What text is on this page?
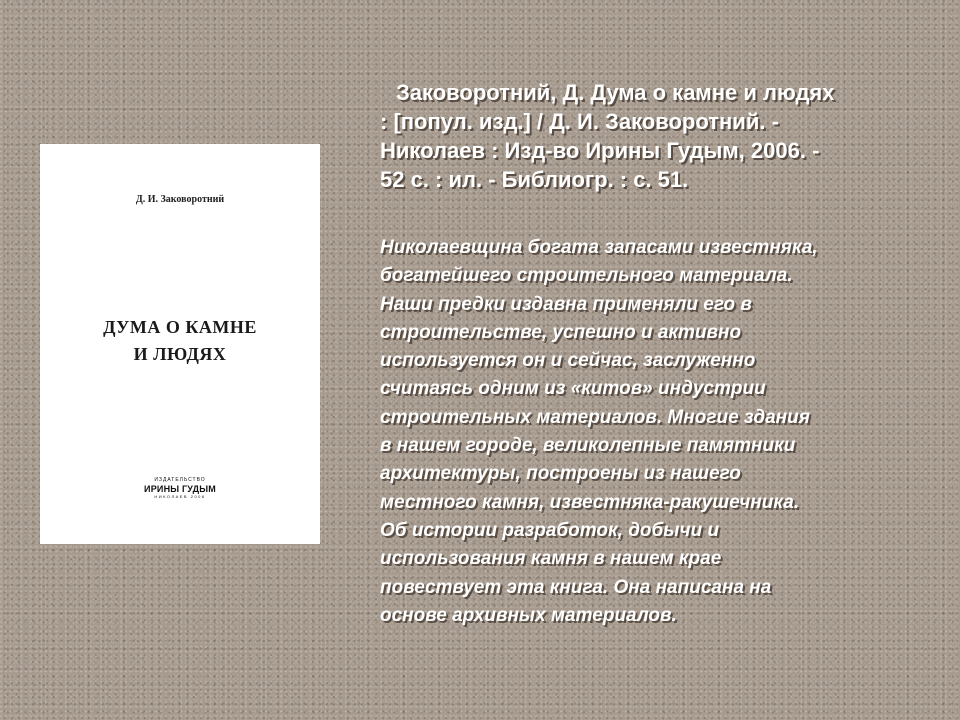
Д. И. Заковоротний
ДУМА О КАМНЕ
И ЛЮДЯХ
ИЗДАТЕЛЬСТВО
ИРИНЫ ГУДЫМ
НИКОЛАЕВ 2006

Заковоротний, Д. Дума о камне и людях
: [попул. изд.] / Д. И. Заковоротний. -
Николаев : Изд-во Ирины Гудым, 2006. -
52 с. : ил. - Библиогр. : с. 51.

Николаевщина богата запасами известняка,
богатейшего строительного материала.
Наши предки издавна применяли его в
строительстве, успешно и активно
используется он и сейчас, заслуженно
считаясь одним из «китов» индустрии
строительных материалов. Многие здания
в нашем городе, великолепные памятники
архитектуры, построены из нашего
местного камня, известняка-ракушечника.
Об истории разработок, добычи и
использования камня в нашем крае
повествует эта книга. Она написана на
основе архивных материалов.
